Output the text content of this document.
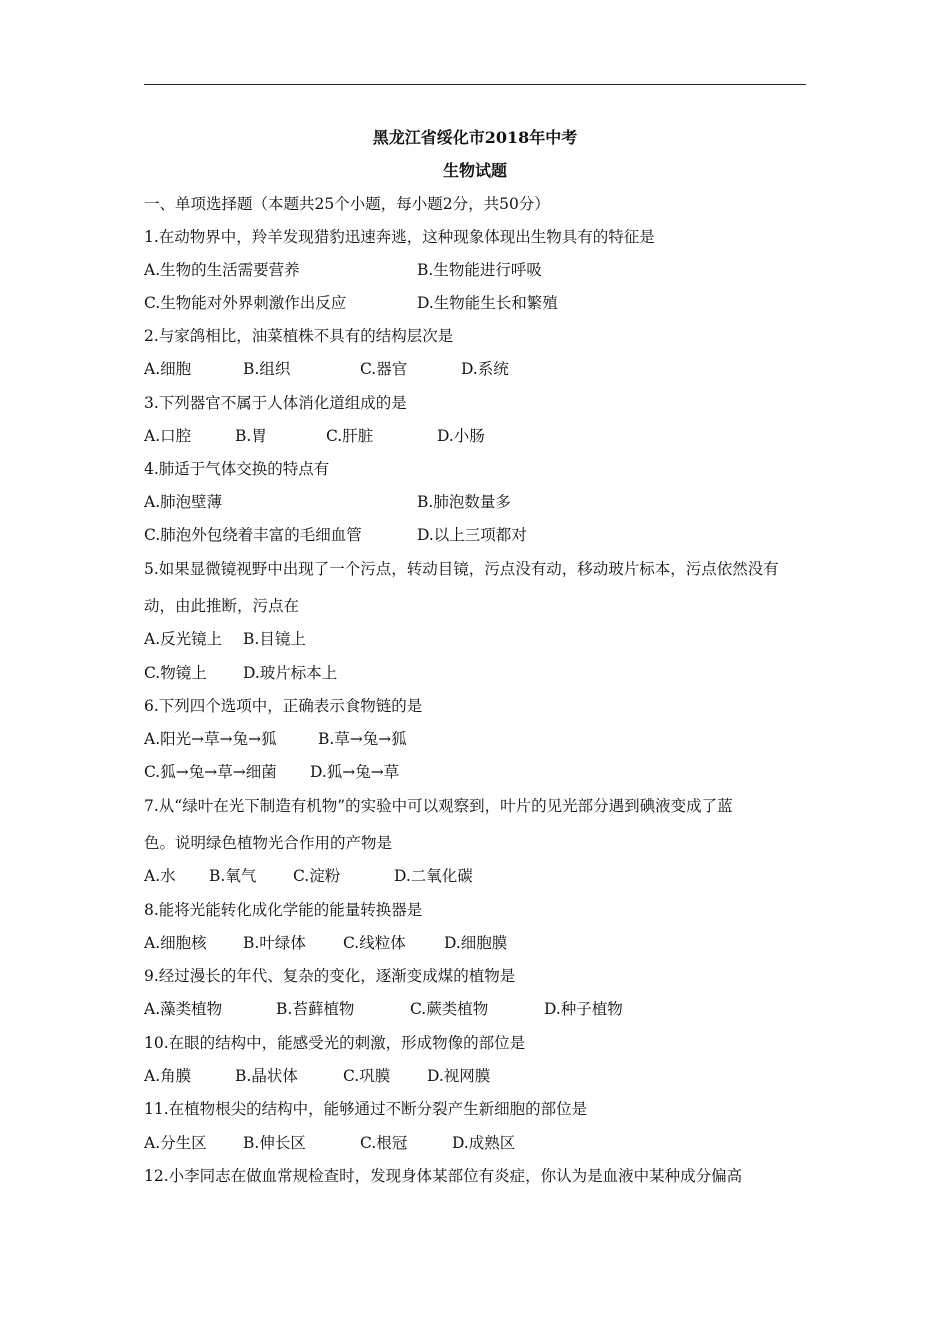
黑龙江省绥化市2018年中考
生物试题
一、单项选择题（本题共25个小题，每小题2分，共50分）
1.在动物界中，羚羊发现猎豹迅速奔逃，这种现象体现出生物具有的特征是
A.生物的生活需要营养	B.生物能进行呼吸
C.生物能对外界刺激作出反应	D.生物能生长和繁殖
2.与家鸽相比，油菜植株不具有的结构层次是
A.细胞	B.组织	C.器官	D.系统
3.下列器官不属于人体消化道组成的是
A.口腔	B.胃	C.肝脏	D.小肠
4.肺适于气体交换的特点有
A.肺泡壁薄	B.肺泡数量多
C.肺泡外包绕着丰富的毛细血管	D.以上三项都对
5.如果显微镜视野中出现了一个污点，转动目镜，污点没有动，移动玻片标本，污点依然没有
动，由此推断，污点在
A.反光镜上 B.目镜上
C.物镜上 D.玻片标本上
6.下列四个选项中，正确表示食物链的是
A.阳光→草→兔→狐	B.草→兔→狐
C.狐→兔→草→细菌 D.狐→兔→草
7.从“绿叶在光下制造有机物”的实验中可以观察到，叶片的见光部分遇到碘液变成了蓝
色。说明绿色植物光合作用的产物是
A.水 B.氧气 C.淀粉	D.二氧化碳
8.能将光能转化成化学能的能量转换器是
A.细胞核 B.叶绿体 C.线粒体 D.细胞膜
9.经过漫长的年代、复杂的变化，逐渐变成煤的植物是
A.藻类植物	B.苔藓植物	C.蕨类植物	D.种子植物
10.在眼的结构中，能感受光的刺激，形成物像的部位是
A.角膜	B.晶状体	C.巩膜 D.视网膜
11.在植物根尖的结构中，能够通过不断分裂产生新细胞的部位是
A.分生区 B.伸长区	C.根冠	D.成熟区
12.小李同志在做血常规检查时，发现身体某部位有炎症，你认为是血液中某种成分偏高
